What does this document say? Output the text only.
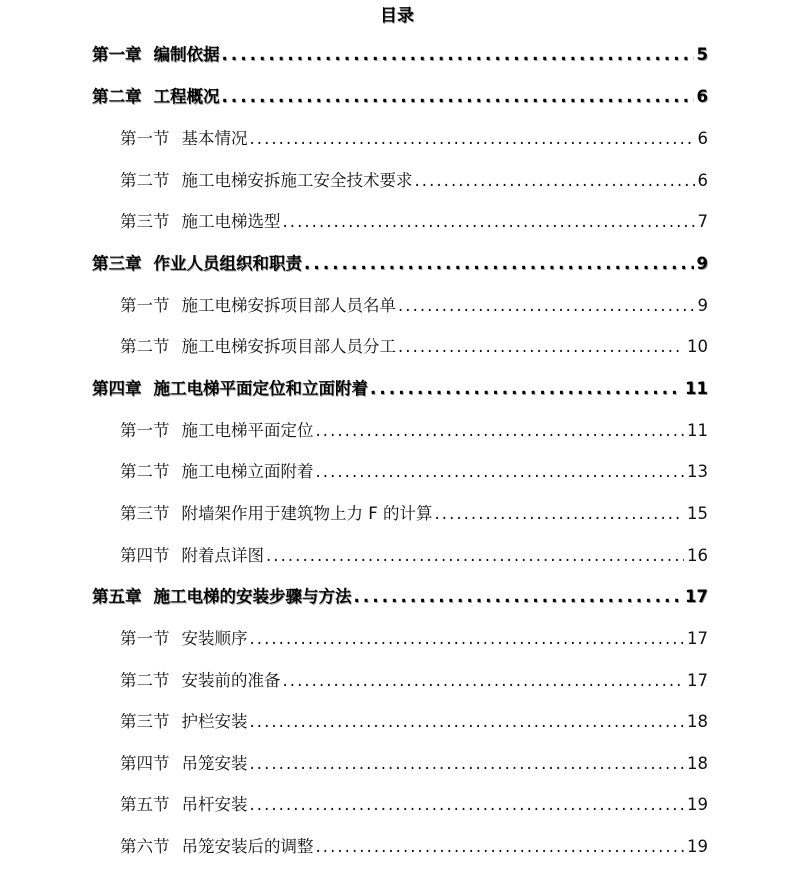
目录
第一章 编制依据 . . .	5
第二章 工程概况 . . .	6
第一节 基本情况 . . .	6
第二节 施工电梯安拆施工安全技术要求 . . .	6
第三节 施工电梯选型 . . .	7
第三章 作业人员组织和职责 . . .	9
第一节 施工电梯安拆项目部人员名单 . . .	9
第二节 施工电梯安拆项目部人员分工 . . .	10
第四章 施工电梯平面定位和立面附着 . . .	11
第一节 施工电梯平面定位 . . .	11
第二节 施工电梯立面附着 . . .	13
第三节 附墙架作用于建筑物上力 F 的计算 . . .	15
第四节 附着点详图 . . .	16
第五章 施工电梯的安装步骤与方法 . . .	17
第一节 安装顺序 . . .	17
第二节 安装前的准备 . . .	17
第三节 护栏安装 . . .	18
第四节 吊笼安装 . . .	18
第五节 吊杆安装 . . .	19
第六节 吊笼安装后的调整 . . .	19
